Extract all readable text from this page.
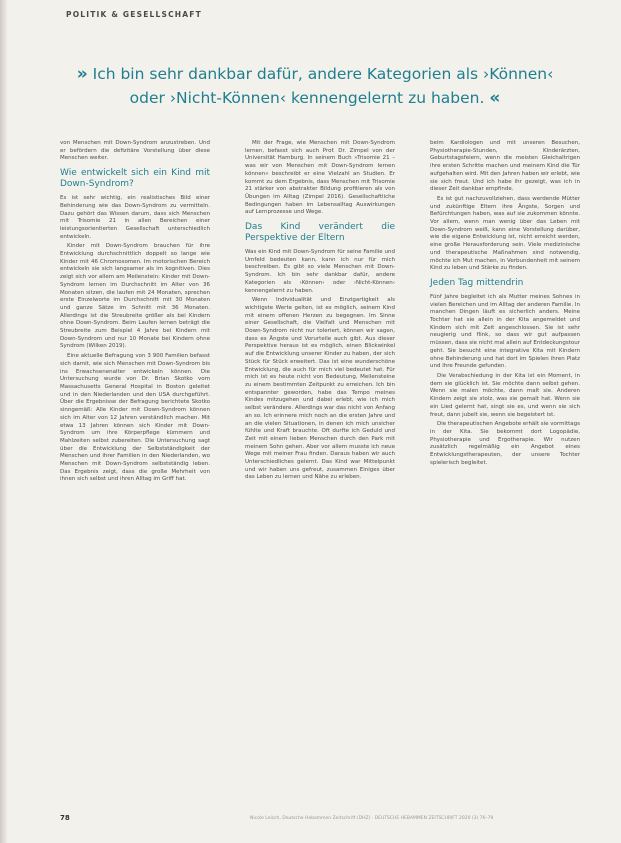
POLITIK & GESELLSCHAFT
» Ich bin sehr dankbar dafür, andere Kategorien als ›Können‹ oder ›Nicht-Können‹ kennengelernt zu haben. «

von Menschen mit Down-Syndrom anzustreben. Und er befördern die defizitäre Vorstellung über diese Menschen weiter.

Wie entwickelt sich ein Kind mit Down-Syndrom?

Es ist sehr wichtig, ein realistisches Bild einer Behinderung wie das Down-Syndrom zu vermitteln. Dazu gehört das Wissen darum, dass sich Menschen mit Trisomie 21 in allen Bereichen einer leistungsorientierten Gesellschaft unterschiedlich entwickeln.

Kinder mit Down-Syndrom brauchen für ihre Entwicklung durchschnittlich doppelt so lange wie Kinder mit 46 Chromosomen. Im motorischen Bereich entwickeln sie sich langsamer als im kognitiven. Dies zeigt sich vor allem am Meilenstein: Kinder mit Down-Syndrom lernen im Durchschnitt im Alter von 36 Monaten sitzen, die laufen mit 24 Monaten, sprechen erste Einzelworte im Durchschnitt mit 30 Monaten und ganze Sätze im Schnitt mit 36 Monaten. Allerdings ist die Streubreite größer als bei Kindern ohne Down-Syndrom. Beim Laufen lernen beträgt die Streubreite zum Beispiel 4 Jahre bei Kindern mit Down-Syndrom und nur 10 Monate bei Kindern ohne Syndrom (Wilken 2019).

Eine aktuelle Befragung von 3 900 Familien befasst sich damit, wie sich Menschen mit Down-Syndrom bis ins Erwachsenenalter entwickeln können. Die Untersuchung wurde von Dr. Brian Skotko vom Massachusetts General Hospital in Boston geleitet und in den Niederlanden und den USA durchgeführt. Über die Ergebnisse der Befragung berichtete Skotko sinngemäß: Alle Kinder mit Down-Syndrom können sich im Alter von 12 Jahren verständlich machen. Mit etwa 13 Jahren können sich Kinder mit Down-Syndrom um ihre Körperpflege kümmern und Mahlzeiten selbst zubereiten. Die Untersuchung sagt über die Entwicklung der Selbstständigkeit der Menschen und ihrer Familien in den Niederlanden, wo Menschen mit Down-Syndrom selbstständig leben. Das Ergebnis zeigt, dass die große Mehrheit von ihnen sich selbst und ihren Alltag im Griff hat.

Mit der Frage, wie Menschen mit Down-Syndrom lernen, befasst sich auch Prof. Dr. Zimpel von der Universität Hamburg. In seinem Buch »Trisomie 21 – was wir von Menschen mit Down-Syndrom lernen können« beschreibt er eine Vielzahl an Studien. Er kommt zu dem Ergebnis, dass Menschen mit Trisomie 21 stärker von abstrakter Bildung profitieren als von Übungen im Alltag (Zimpel 2016). Gesellschaftliche Bedingungen haben im Lebensalltag Auswirkungen auf Lernprozesse und Wege.

Das Kind verändert die Perspektive der Eltern

Was ein Kind mit Down-Syndrom für seine Familie und Umfeld bedeuten kann, kann ich nur für mich beschreiben. Es gibt so viele Menschen mit Down-Syndrom. Ich bin sehr dankbar dafür, andere Kategorien als ›Können‹ oder ›Nicht-Können‹ kennengelernt zu haben.

Wenn Individualität und Einzigartigkeit als wichtigste Werte gelten, ist es möglich, seinem Kind mit einem offenen Herzen zu begegnen. Im Sinne einer Gesellschaft, die Vielfalt und Menschen mit Down-Syndrom nicht nur toleriert, können wir sagen, dass es Ängste und Vorurteile auch gibt. Aus dieser Perspektive heraus ist es möglich, einen Blickwinkel auf die Entwicklung unserer Kinder zu haben, der sich Stück für Stück erweitert. Das ist eine wunderschöne Entwicklung, die auch für mich viel bedeutet hat. Für mich ist es heute nicht von Bedeutung, Meilensteine zu einem bestimmten Zeitpunkt zu erreichen. Ich bin entspannter geworden, habe das Tempo meines Kindes mitzugehen und dabei erlebt, wie ich mich selbst verändere. Allerdings war das nicht von Anfang an so. Ich erinnere mich noch an die ersten Jahre und an die vielen Situationen, in denen ich mich unsicher fühlte und Kraft brauchte. Oft durfte ich Geduld und Zeit mit einem lieben Menschen durch den Park mit meinem Sohn gehen. Aber vor allem musste ich neue Wege mit meiner Frau finden. Daraus haben wir auch Unterschiedliches gelernt. Das Kind war Mittelpunkt und wir haben uns gefreut, zusammen Einiges über das Leben zu lernen und Nähe zu erleben.

beim Kardiologen und mit unseren Besuchen, Physiotherapie-Stunden, Kinderärzten, Geburtstagsfeiern, wenn die meisten Gleichaltrigen ihre ersten Schritte machen und meinem Kind die Tür aufgehalten wird. Mit den Jahren haben wir erlebt, wie sie sich freut. Und ich habe ihr gezeigt, was ich in dieser Zeit dankbar empfinde.

Es ist gut nachzuvollziehen, dass werdende Mütter und zukünftige Eltern ihre Ängste, Sorgen und Befürchtungen haben, was auf sie zukommen könnte. Vor allem, wenn man wenig über das Leben mit Down-Syndrom weiß, kann eine Vorstellung darüber, wie die eigene Entwicklung ist, nicht erreicht werden, eine große Herausforderung sein. Viele medizinische und therapeutische Maßnahmen sind notwendig, möchte ich Mut machen, in Verbundenheit mit seinem Kind zu leben und Stärke zu finden.

Jeden Tag mittendrin

Fünf Jahre begleitet ich als Mutter meines Sohnes in vielen Bereichen und im Alltag der anderen Familie. In manchen Dingen läuft es sicherlich anders. Meine Tochter hat sie allein in der Kita angemeldet und Kindern sich mit Zeit angeschlossen. Sie ist sehr neugierig und flink, so dass wir gut aufpassen müssen, dass sie nicht mal allein auf Entdeckungstour geht. Sie besucht eine integrative Kita mit Kindern ohne Behinderung und hat dort im Spielen ihren Platz und ihre Freunde gefunden.

Die Verabschiedung in der Kita ist ein Moment, in dem sie glücklich ist. Sie möchte dann selbst gehen. Wenn sie malen möchte, dann malt sie. Anderen Kindern zeigt sie stolz, was sie gemalt hat. Wenn sie ein Lied gelernt hat, singt sie es, und wenn sie sich freut, dann jubelt sie, wenn sie begeistert ist.

Die therapeutischen Angebote erhält sie vormittags in der Kita. Sie bekommt dort Logopädie, Physiotherapie und Ergotherapie. Wir nutzen zusätzlich regelmäßig ein Angebot eines Entwicklungstherapeuten, der unsere Tochter spielerisch begleitet.

78	Nicole Leisch, Deutsche Hebammen Zeitschrift (DHZ) · DEUTSCHE HEBAMMEN ZEITSCHRIFT 2020 (3) 76–79
